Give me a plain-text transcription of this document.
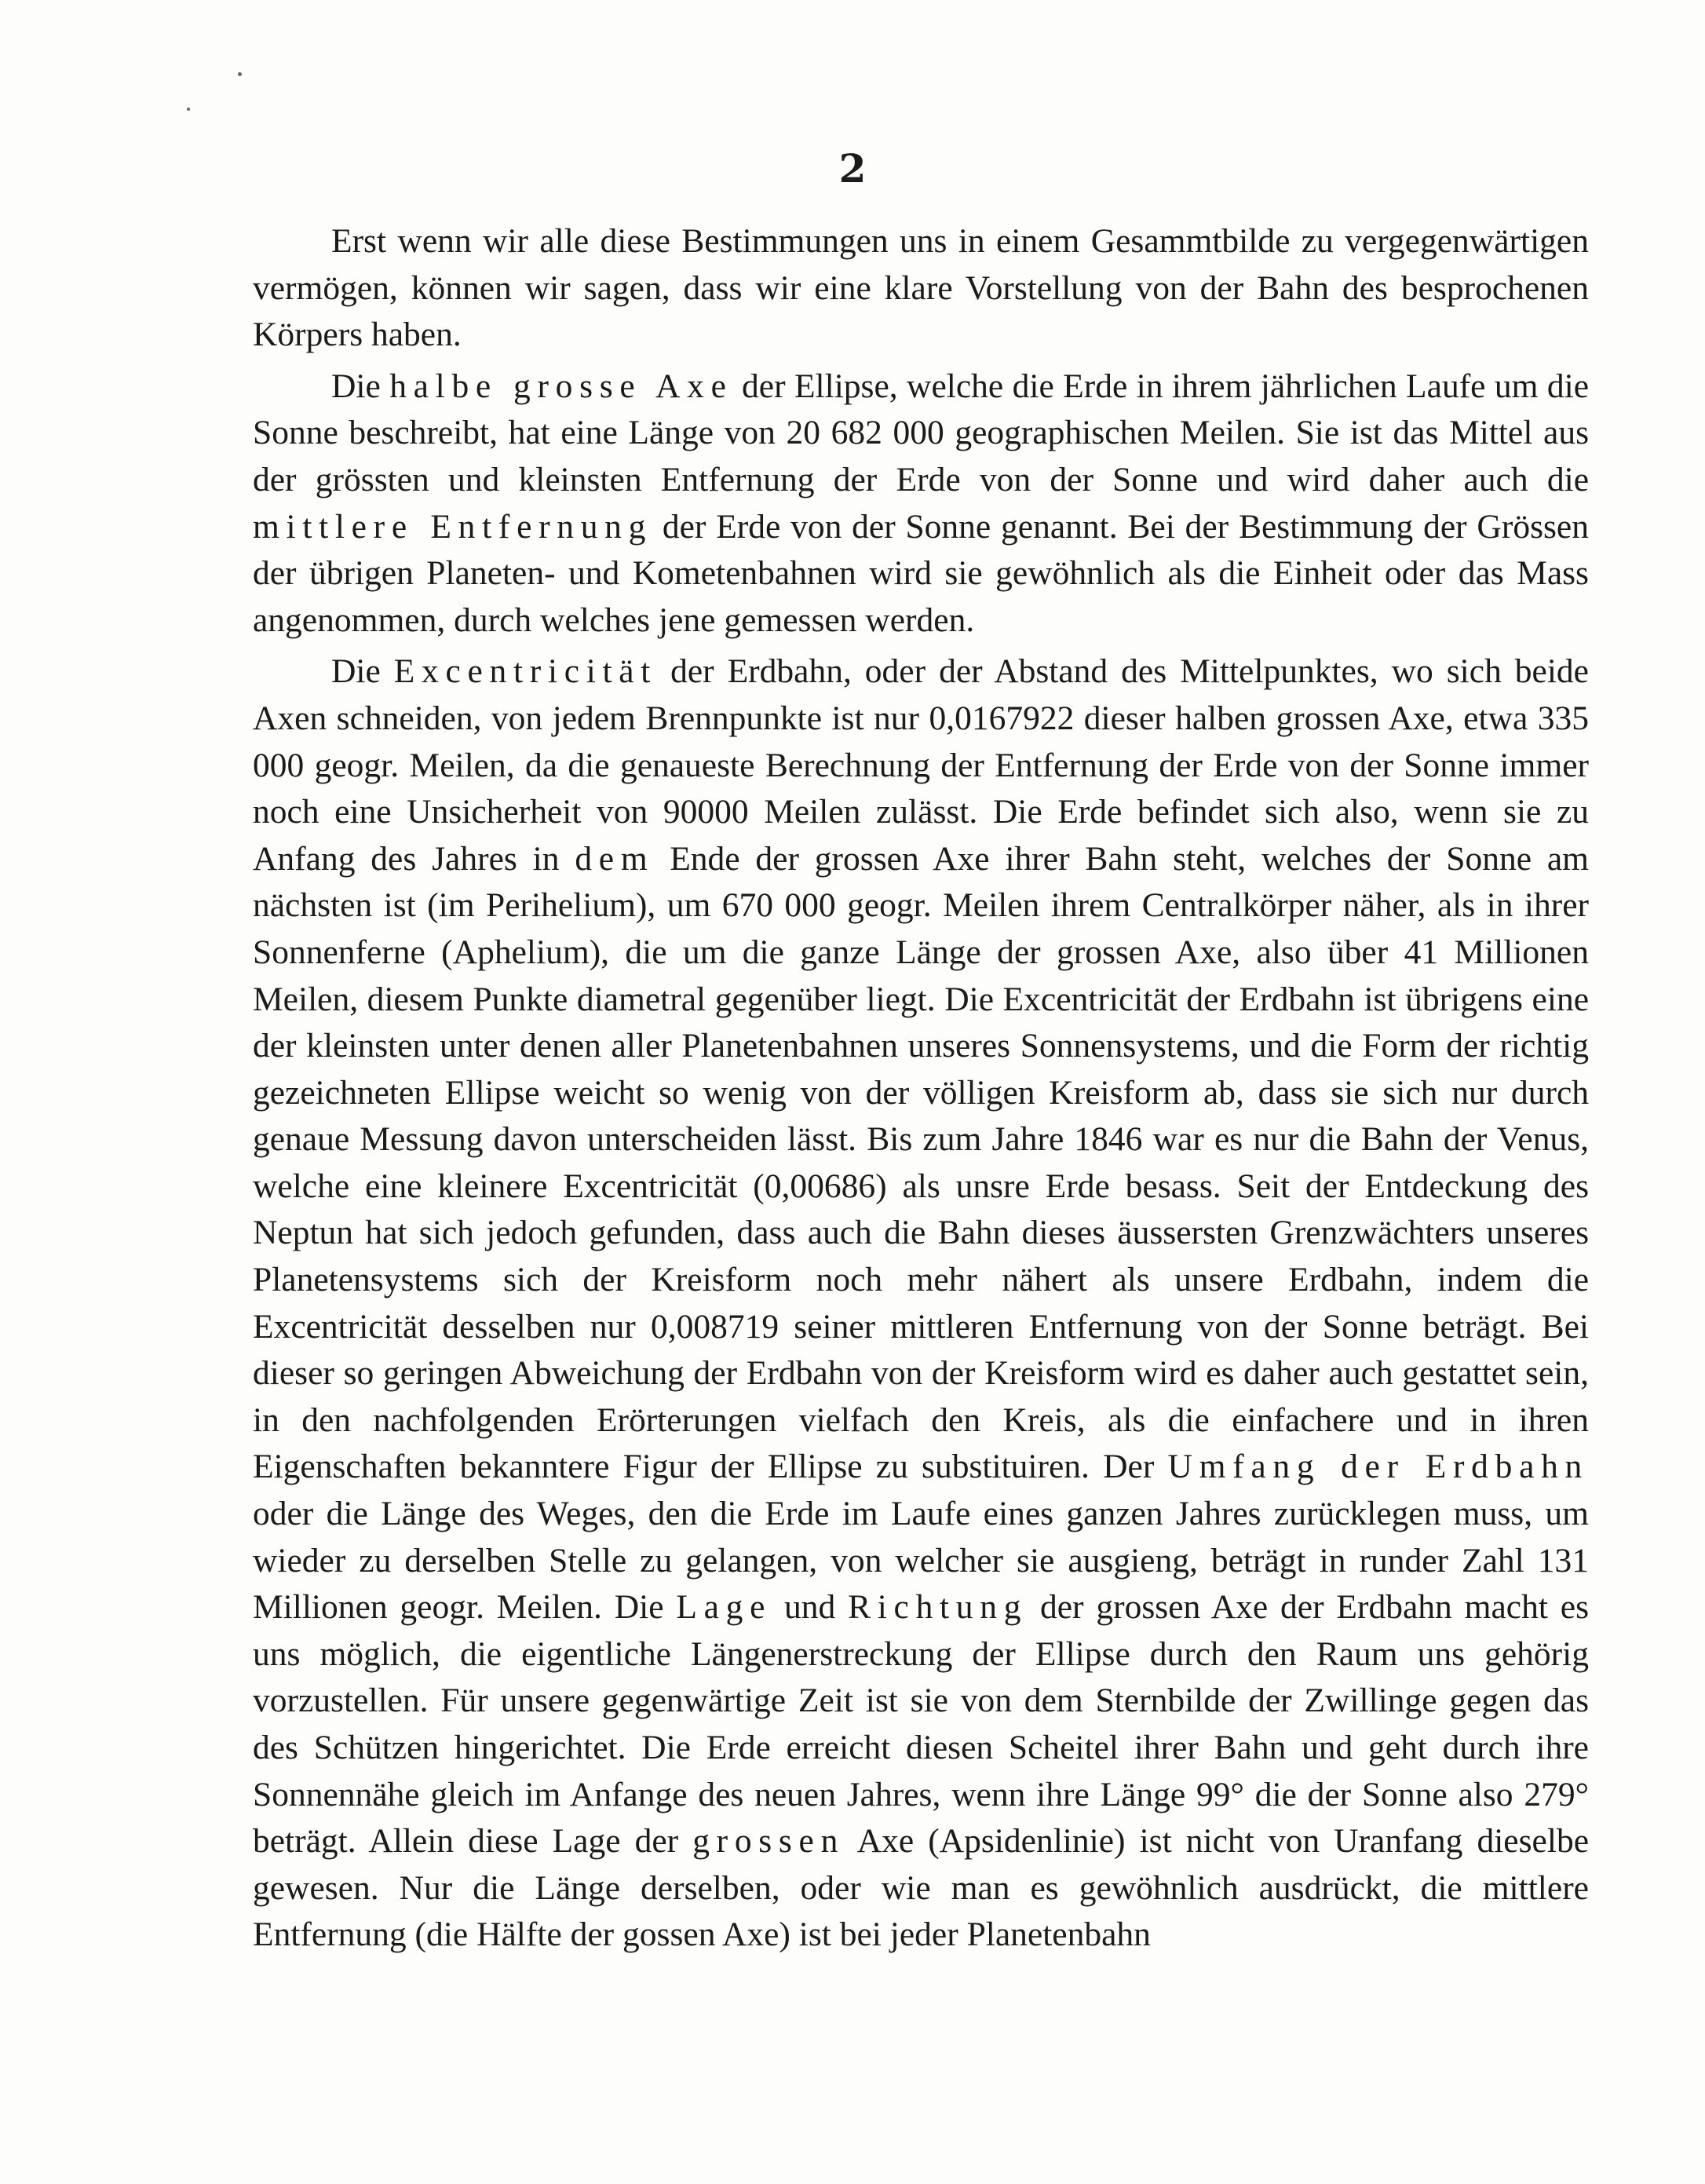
2

Erst wenn wir alle diese Bestimmungen uns in einem Gesammtbilde zu vergegenwärtigen vermögen, können wir sagen, dass wir eine klare Vorstellung von der Bahn des besprochenen Körpers haben.

Die halbe grosse Axe der Ellipse, welche die Erde in ihrem jährlichen Laufe um die Sonne beschreibt, hat eine Länge von 20 682 000 geographischen Meilen. Sie ist das Mittel aus der grössten und kleinsten Entfernung der Erde von der Sonne und wird daher auch die mittlere Entfernung der Erde von der Sonne genannt. Bei der Bestimmung der Grössen der übrigen Planeten- und Kometenbahnen wird sie gewöhnlich als die Einheit oder das Mass angenommen, durch welches jene gemessen werden.

Die Excentricität der Erdbahn, oder der Abstand des Mittelpunktes, wo sich beide Axen schneiden, von jedem Brennpunkte ist nur 0,0167922 dieser halben grossen Axe, etwa 335 000 geogr. Meilen, da die genaueste Berechnung der Entfernung der Erde von der Sonne immer noch eine Unsicherheit von 90000 Meilen zulässt. Die Erde befindet sich also, wenn sie zu Anfang des Jahres in dem Ende der grossen Axe ihrer Bahn steht, welches der Sonne am nächsten ist (im Perihelium), um 670 000 geogr. Meilen ihrem Centralkörper näher, als in ihrer Sonnenferne (Aphelium), die um die ganze Länge der grossen Axe, also über 41 Millionen Meilen, diesem Punkte diametral gegenüber liegt. Die Excentricität der Erdbahn ist übrigens eine der kleinsten unter denen aller Planetenbahnen unseres Sonnensystems, und die Form der richtig gezeichneten Ellipse weicht so wenig von der völligen Kreisform ab, dass sie sich nur durch genaue Messung davon unterscheiden lässt. Bis zum Jahre 1846 war es nur die Bahn der Venus, welche eine kleinere Excentricität (0,00686) als unsre Erde besass. Seit der Entdeckung des Neptun hat sich jedoch gefunden, dass auch die Bahn dieses äussersten Grenzwächters unseres Planetensystems sich der Kreisform noch mehr nähert als unsere Erdbahn, indem die Excentricität desselben nur 0,008719 seiner mittleren Entfernung von der Sonne beträgt. Bei dieser so geringen Abweichung der Erdbahn von der Kreisform wird es daher auch gestattet sein, in den nachfolgenden Erörterungen vielfach den Kreis, als die einfachere und in ihren Eigenschaften bekanntere Figur der Ellipse zu substituiren. Der Umfang der Erdbahn oder die Länge des Weges, den die Erde im Laufe eines ganzen Jahres zurücklegen muss, um wieder zu derselben Stelle zu gelangen, von welcher sie ausgieng, beträgt in runder Zahl 131 Millionen geogr. Meilen. Die Lage und Richtung der grossen Axe der Erdbahn macht es uns möglich, die eigentliche Längenerstreckung der Ellipse durch den Raum uns gehörig vorzustellen. Für unsere gegenwärtige Zeit ist sie von dem Sternbilde der Zwillinge gegen das des Schützen hingerichtet. Die Erde erreicht diesen Scheitel ihrer Bahn und geht durch ihre Sonnennähe gleich im Anfange des neuen Jahres, wenn ihre Länge 99° die der Sonne also 279° beträgt. Allein diese Lage der grossen Axe (Apsidenlinie) ist nicht von Uranfang dieselbe gewesen. Nur die Länge derselben, oder wie man es gewöhnlich ausdrückt, die mittlere Entfernung (die Hälfte der gossen Axe) ist bei jeder Planetenbahn
